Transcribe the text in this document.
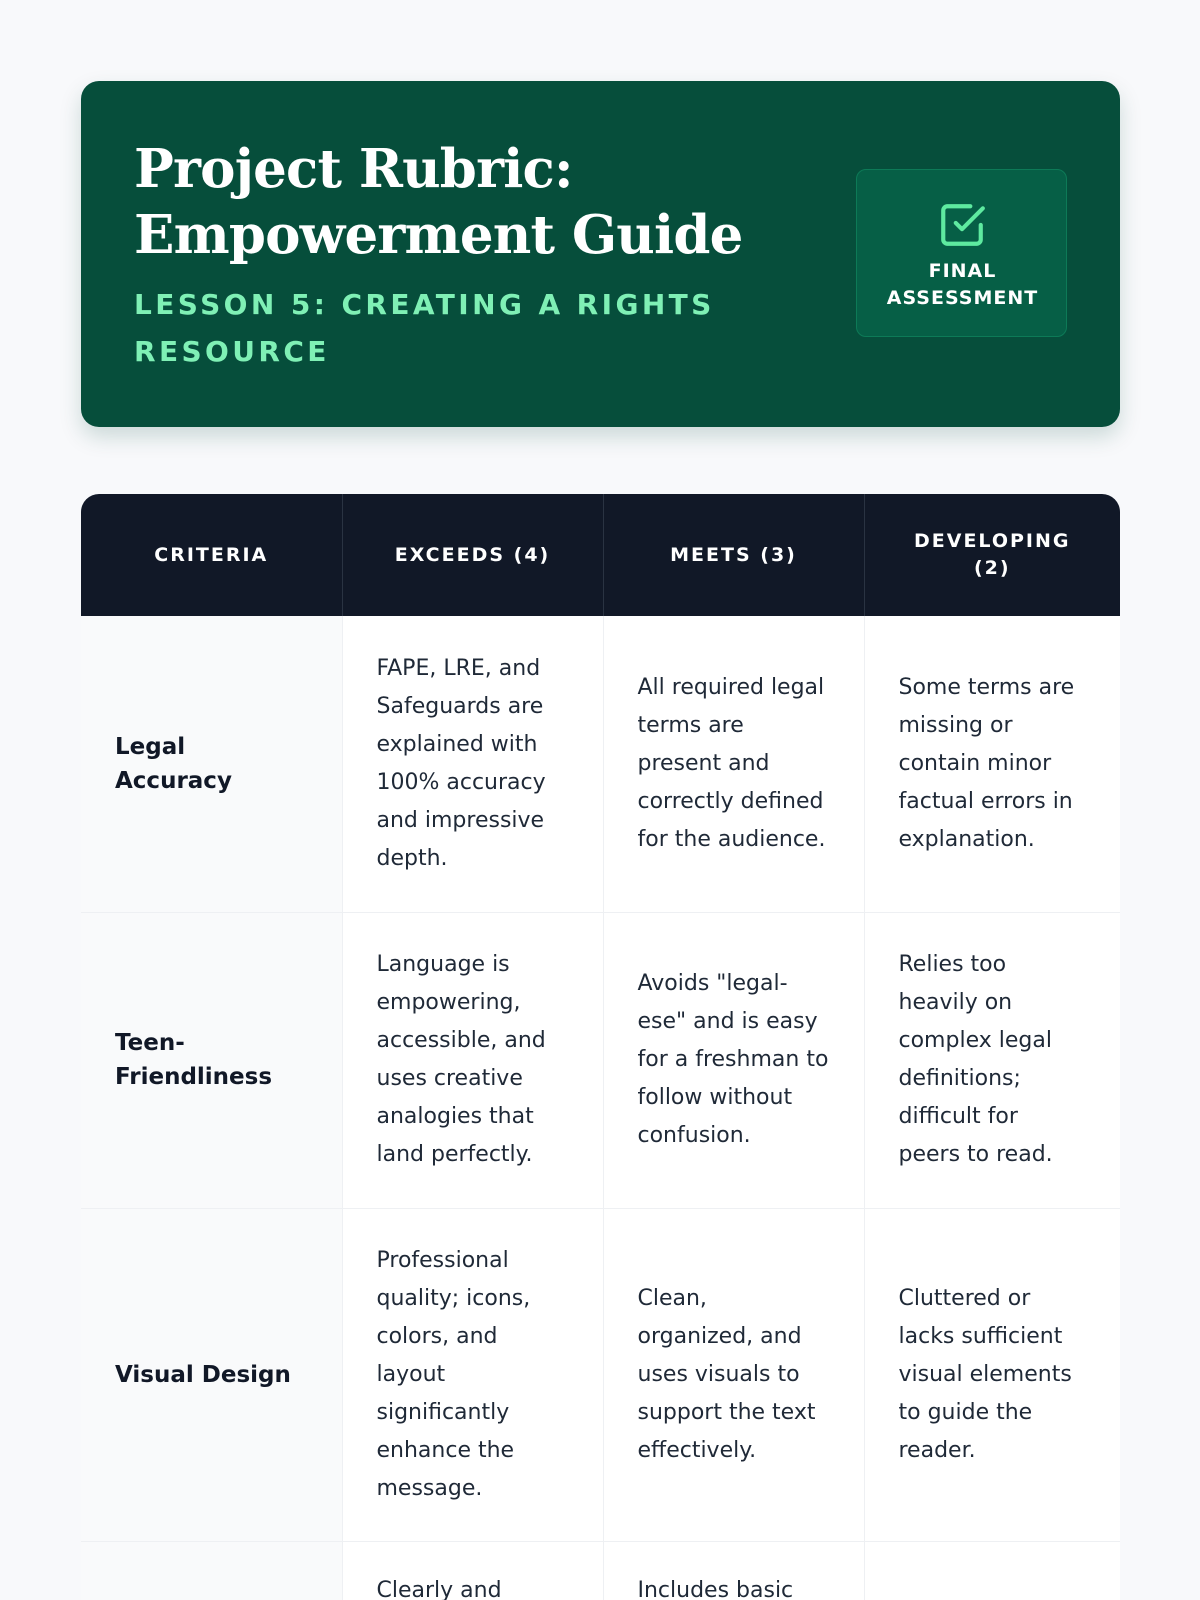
Project Rubric: Empowerment Guide
LESSON 5: CREATING A RIGHTS RESOURCE
FINAL ASSESSMENT
CRITERIA	EXCEEDS (4)	MEETS (3)	DEVELOPING (2)
Legal Accuracy	FAPE, LRE, and Safeguards are explained with 100% accuracy and impressive depth.	All required legal terms are present and correctly defined for the audience.	Some terms are missing or contain minor factual errors in explanation.
Teen-Friendliness	Language is empowering, accessible, and uses creative analogies that land perfectly.	Avoids "legal-ese" and is easy for a freshman to follow without confusion.	Relies too heavily on complex legal definitions; difficult for peers to read.
Visual Design	Professional quality; icons, colors, and layout significantly enhance the message.	Clean, organized, and uses visuals to support the text effectively.	Cluttered or lacks sufficient visual elements to guide the reader.
	Clearly and	Includes basic	
